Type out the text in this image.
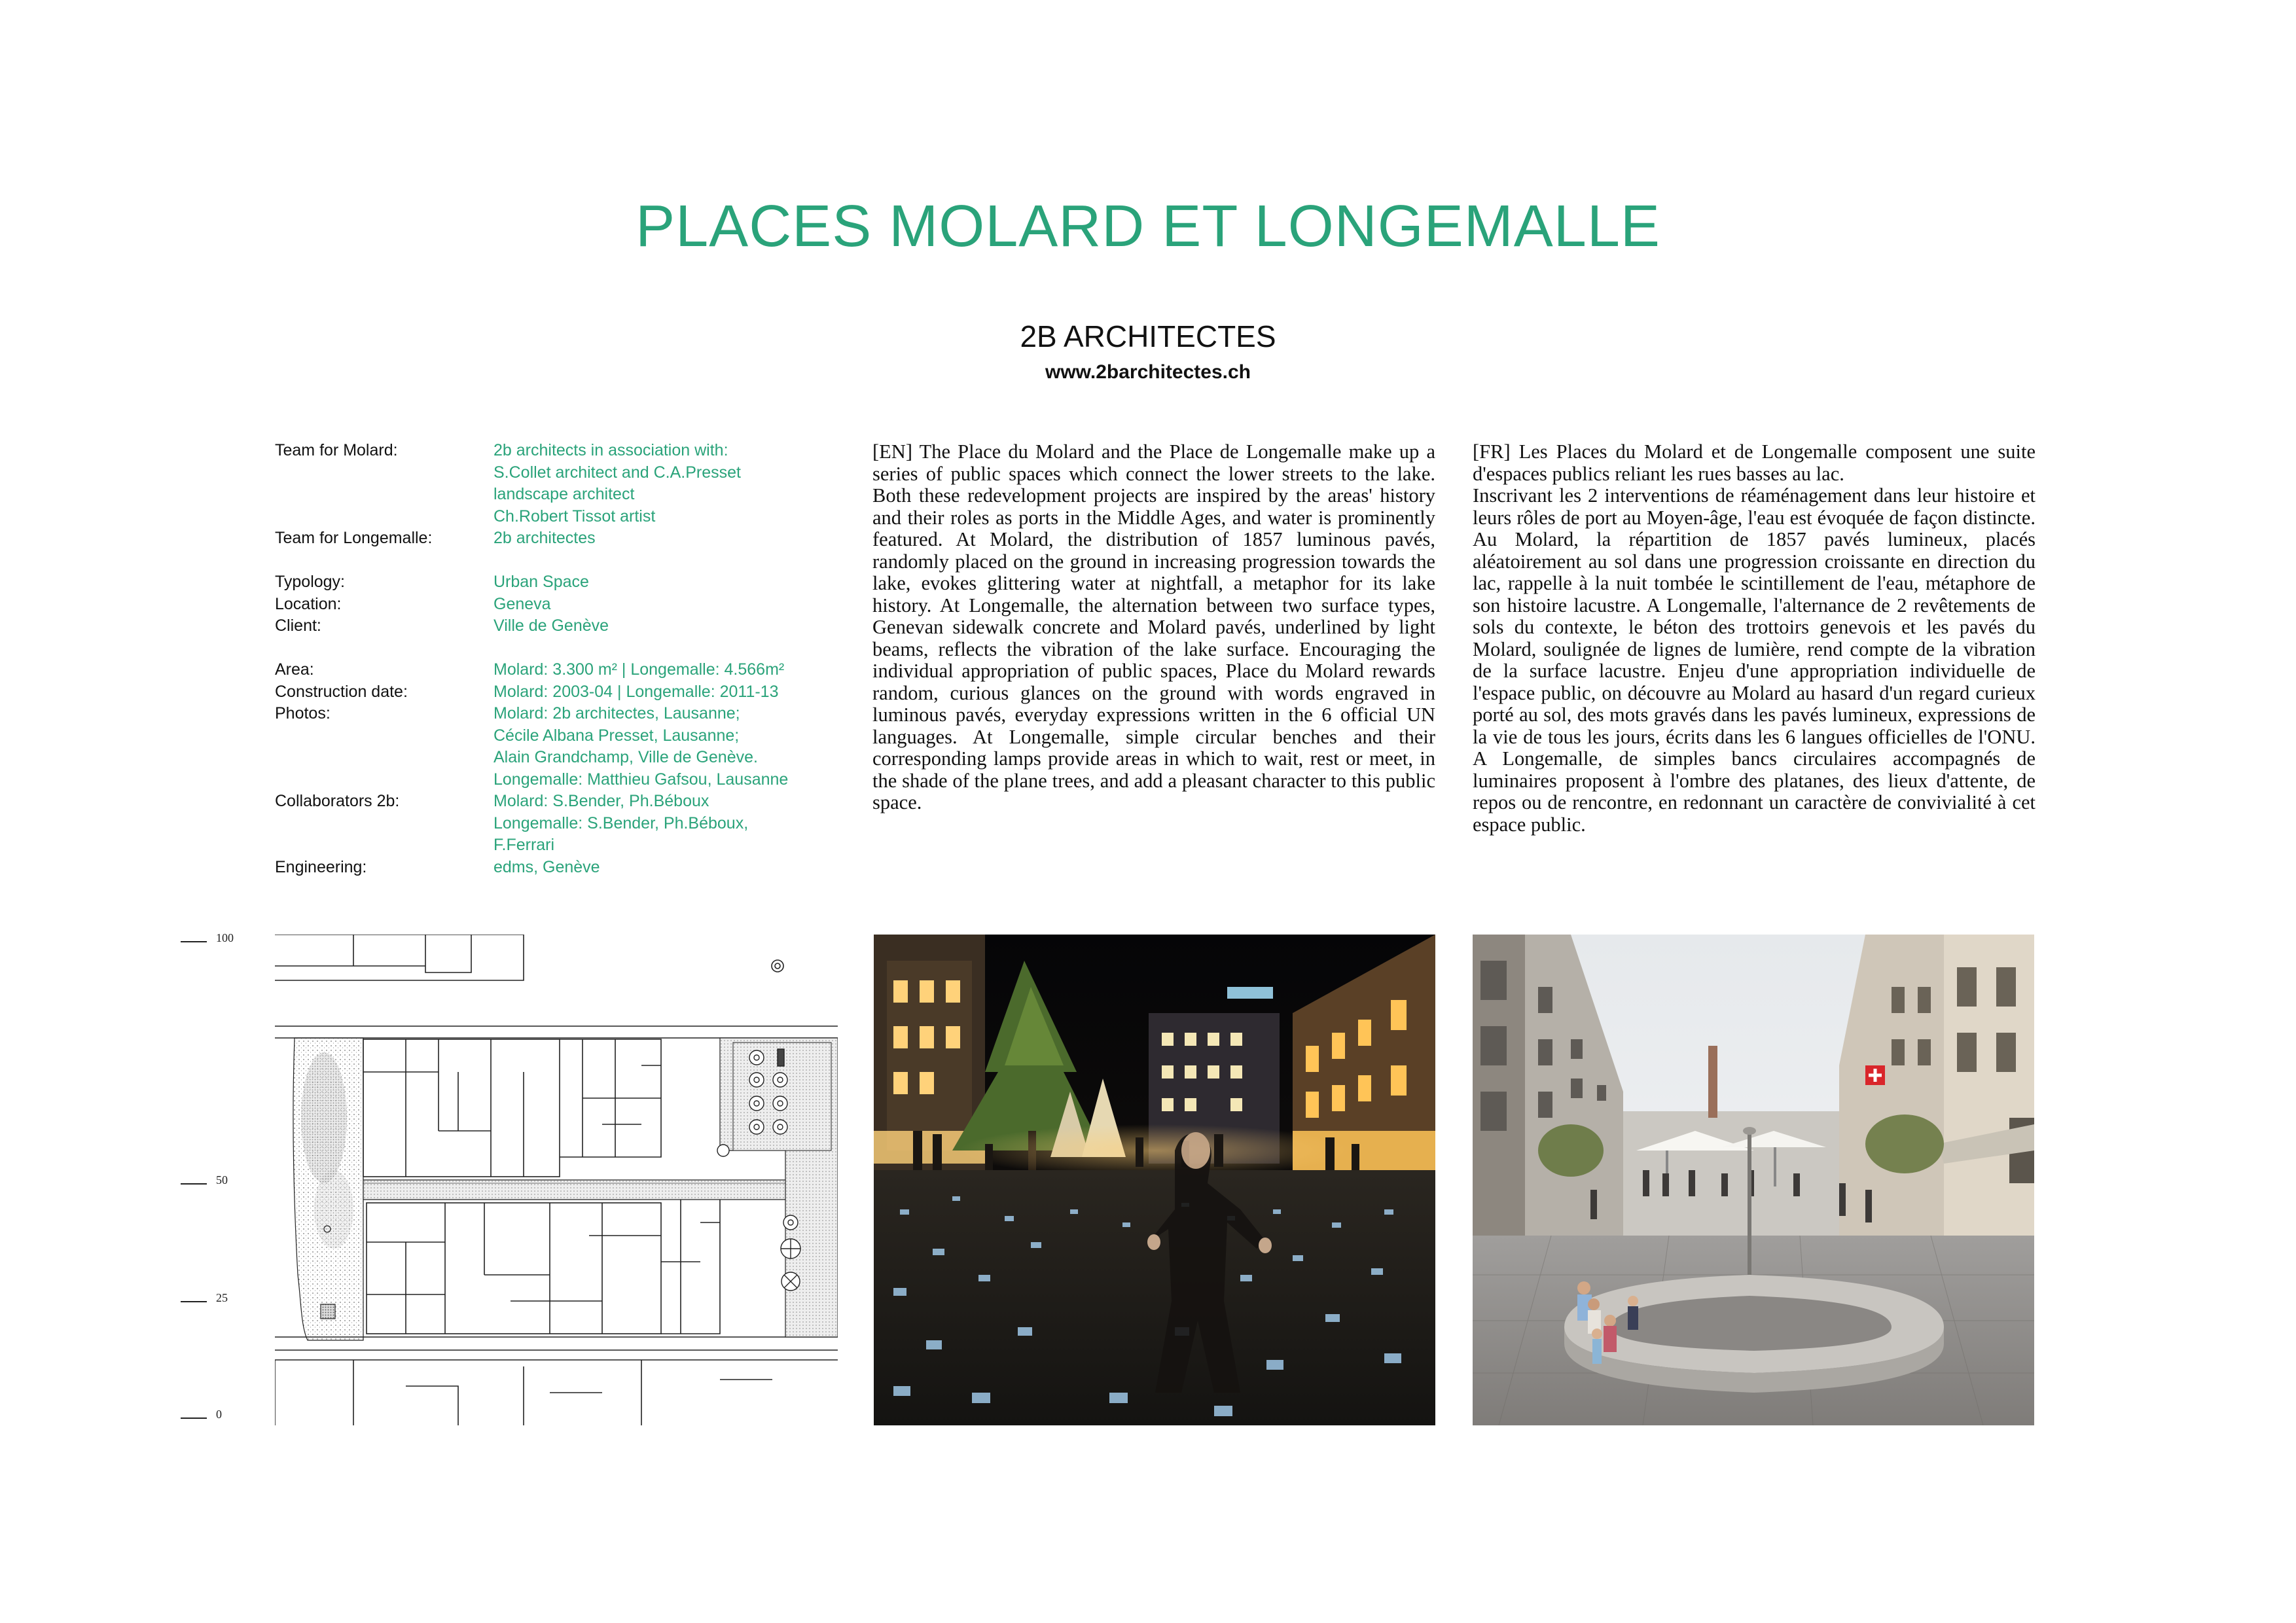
PLACES MOLARD ET LONGEMALLE
2B ARCHITECTES
www.2barchitectes.ch
Team for Molard:	2b architects in association with:
S.Collet architect and C.A.Presset
landscape architect
Ch.Robert Tissot artist
Team for Longemalle:	2b architectes
Typology:	Urban Space
Location:	Geneva
Client:	Ville de Genève
Area:	Molard: 3.300 m² | Longemalle: 4.566m²
Construction date:	Molard: 2003-04 | Longemalle: 2011-13
Photos:	Molard: 2b architectes, Lausanne;
Cécile Albana Presset, Lausanne;
Alain Grandchamp, Ville de Genève.
Longemalle: Matthieu Gafsou, Lausanne
Collaborators 2b:	Molard: S.Bender, Ph.Béboux
Longemalle: S.Bender, Ph.Béboux,
F.Ferrari
Engineering:	edms, Genève

[EN] The Place du Molard and the Place de Longemalle make up a series of public spaces which connect the lower streets to the lake. Both these redevelopment projects are inspired by the areas' history and their roles as ports in the Middle Ages, and water is prominently featured. At Molard, the distribution of 1857 luminous pavés, randomly placed on the ground in increasing progression towards the lake, evokes glittering water at nightfall, a metaphor for its lake history. At Longemalle, the alternation between two surface types, Genevan sidewalk concrete and Molard pavés, underlined by light beams, reflects the vibration of the lake surface. Encouraging the individual appropriation of public spaces, Place du Molard rewards random, curious glances on the ground with words engraved in luminous pavés, everyday expressions written in the 6 official UN languages. At Longemalle, simple circular benches and their corresponding lamps provide areas in which to wait, rest or meet, in the shade of the plane trees, and add a pleasant character to this public space.

[FR] Les Places du Molard et de Longemalle composent une suite d'espaces publics reliant les rues basses au lac.
Inscrivant les 2 interventions de réaménagement dans leur histoire et leurs rôles de port au Moyen-âge, l'eau est évoquée de façon distincte. Au Molard, la répartition de 1857 pavés lumineux, placés aléatoirement au sol dans une progression croissante en direction du lac, rappelle à la nuit tombée le scintillement de l'eau, métaphore de son histoire lacustre. A Longemalle, l'alternance de 2 revêtements de sols du contexte, le béton des trottoirs genevois et les pavés du Molard, soulignée de lignes de lumière, rend compte de la vibration de la surface lacustre. Enjeu d'une appropriation individuelle de l'espace public, on découvre au Molard au hasard d'un regard curieux porté au sol, des mots gravés dans les pavés lumineux, expressions de la vie de tous les jours, écrits dans les 6 langues officielles de l'ONU. A Longemalle, de simples bancs circulaires accompagnés de luminaires proposent à l'ombre des platanes, des lieux d'attente, de repos ou de rencontre, en redonnant un caractère de convivialité à cet espace public.
100
50
25
0
